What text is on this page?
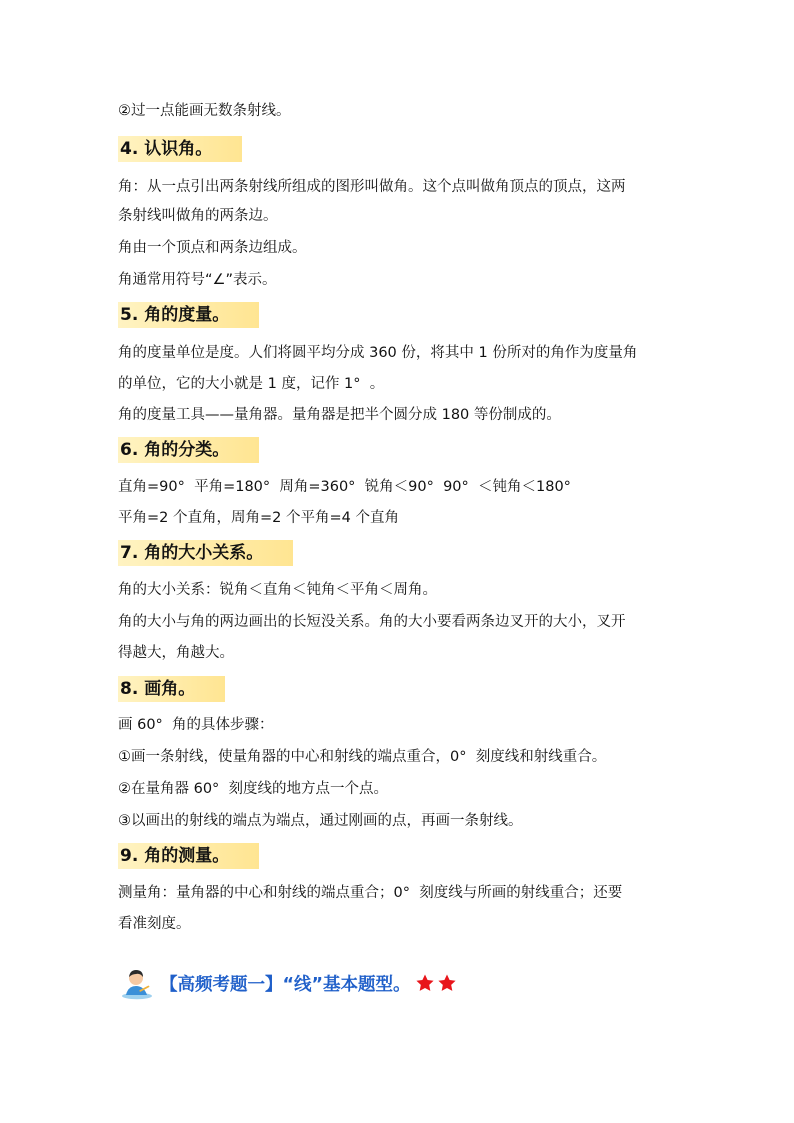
②过一点能画无数条射线。

4. 认识角。

角：从一点引出两条射线所组成的图形叫做角。这个点叫做角顶点的顶点，这两

条射线叫做角的两条边。

角由一个顶点和两条边组成。

角通常用符号“∠”表示。

5. 角的度量。

角的度量单位是度。人们将圆平均分成 360 份，将其中 1 份所对的角作为度量角

的单位，它的大小就是 1 度，记作 1°  。

角的度量工具——量角器。量角器是把半个圆分成 180 等份制成的。

6. 角的分类。

直角=90°  平角=180°  周角=360°  锐角＜90°  90°  ＜钝角＜180°

平角=2 个直角，周角=2 个平角=4 个直角

7. 角的大小关系。

角的大小关系：锐角＜直角＜钝角＜平角＜周角。

角的大小与角的两边画出的长短没关系。角的大小要看两条边叉开的大小，叉开

得越大，角越大。

8. 画角。

画 60°  角的具体步骤：

①画一条射线，使量角器的中心和射线的端点重合，0°  刻度线和射线重合。

②在量角器 60°  刻度线的地方点一个点。

③以画出的射线的端点为端点，通过刚画的点，再画一条射线。

9. 角的测量。

测量角：量角器的中心和射线的端点重合；0°  刻度线与所画的射线重合；还要

看准刻度。

【高频考题一】“线”基本题型。
